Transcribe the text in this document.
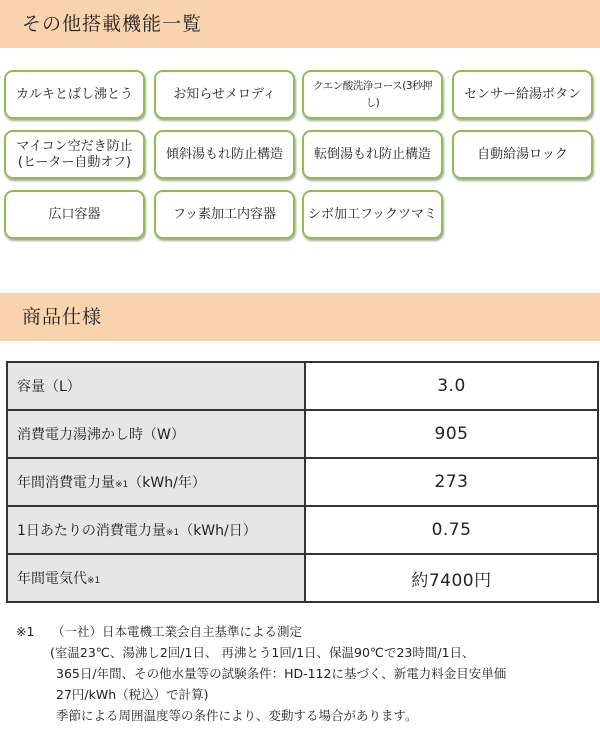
その他搭載機能一覧
カルキとばし沸とう	お知らせメロディ
クエン酸洗浄コース(3秒押し)
センサー給湯ボタン
マイコン空だき防止
(ヒーター自動オフ)	傾斜湯もれ防止構造	転倒湯もれ防止構造	自動給湯ロック
広口容器	フッ素加工内容器	シボ加工フックツマミ
商品仕様
容量（L）	3.0
消費電力湯沸かし時（W）	905
年間消費電力量※1（kWh/年）	273
1日あたりの消費電力量※1（kWh/日）	0.75
年間電気代※1	約7400円
※1 （一社）日本電機工業会自主基準による測定
(室温23℃、湯沸し2回/1日、 再沸とう1回/1日、保温90℃で23時間/1日、
365日/年間、その他水量等の試験条件：HD-112に基づく、新電力料金目安単価
27円/kWh（税込）で計算)
季節による周囲温度等の条件により、変動する場合があります。
